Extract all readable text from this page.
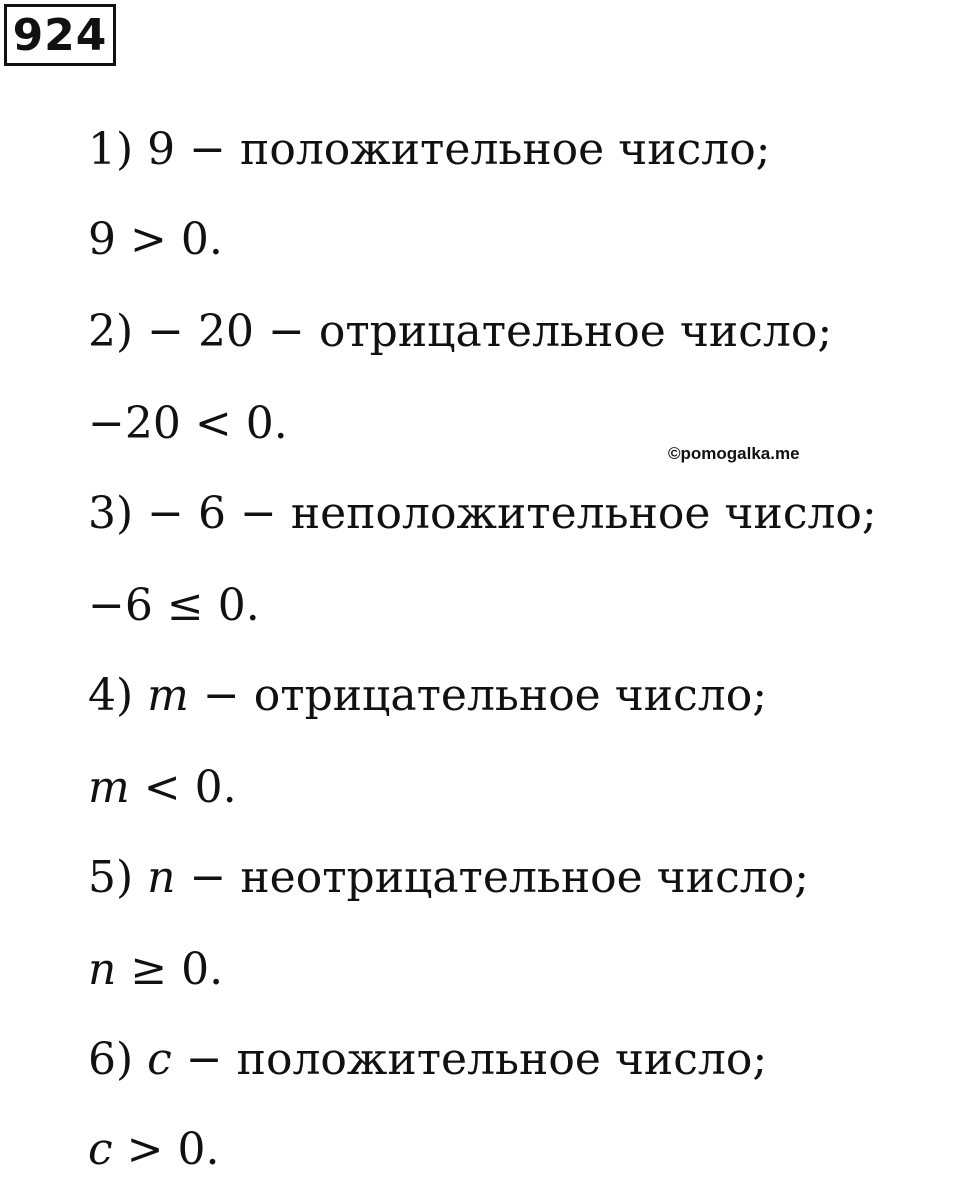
924
©pomogalka.me
1) 9 − положительное число;
9 > 0.
2) − 20 − отрицательное число;
−20 < 0.
3) − 6 − неположительное число;
−6 ≤ 0.
4) m − отрицательное число;
m < 0.
5) n − неотрицательное число;
n ≥ 0.
6) c − положительное число;
c > 0.
